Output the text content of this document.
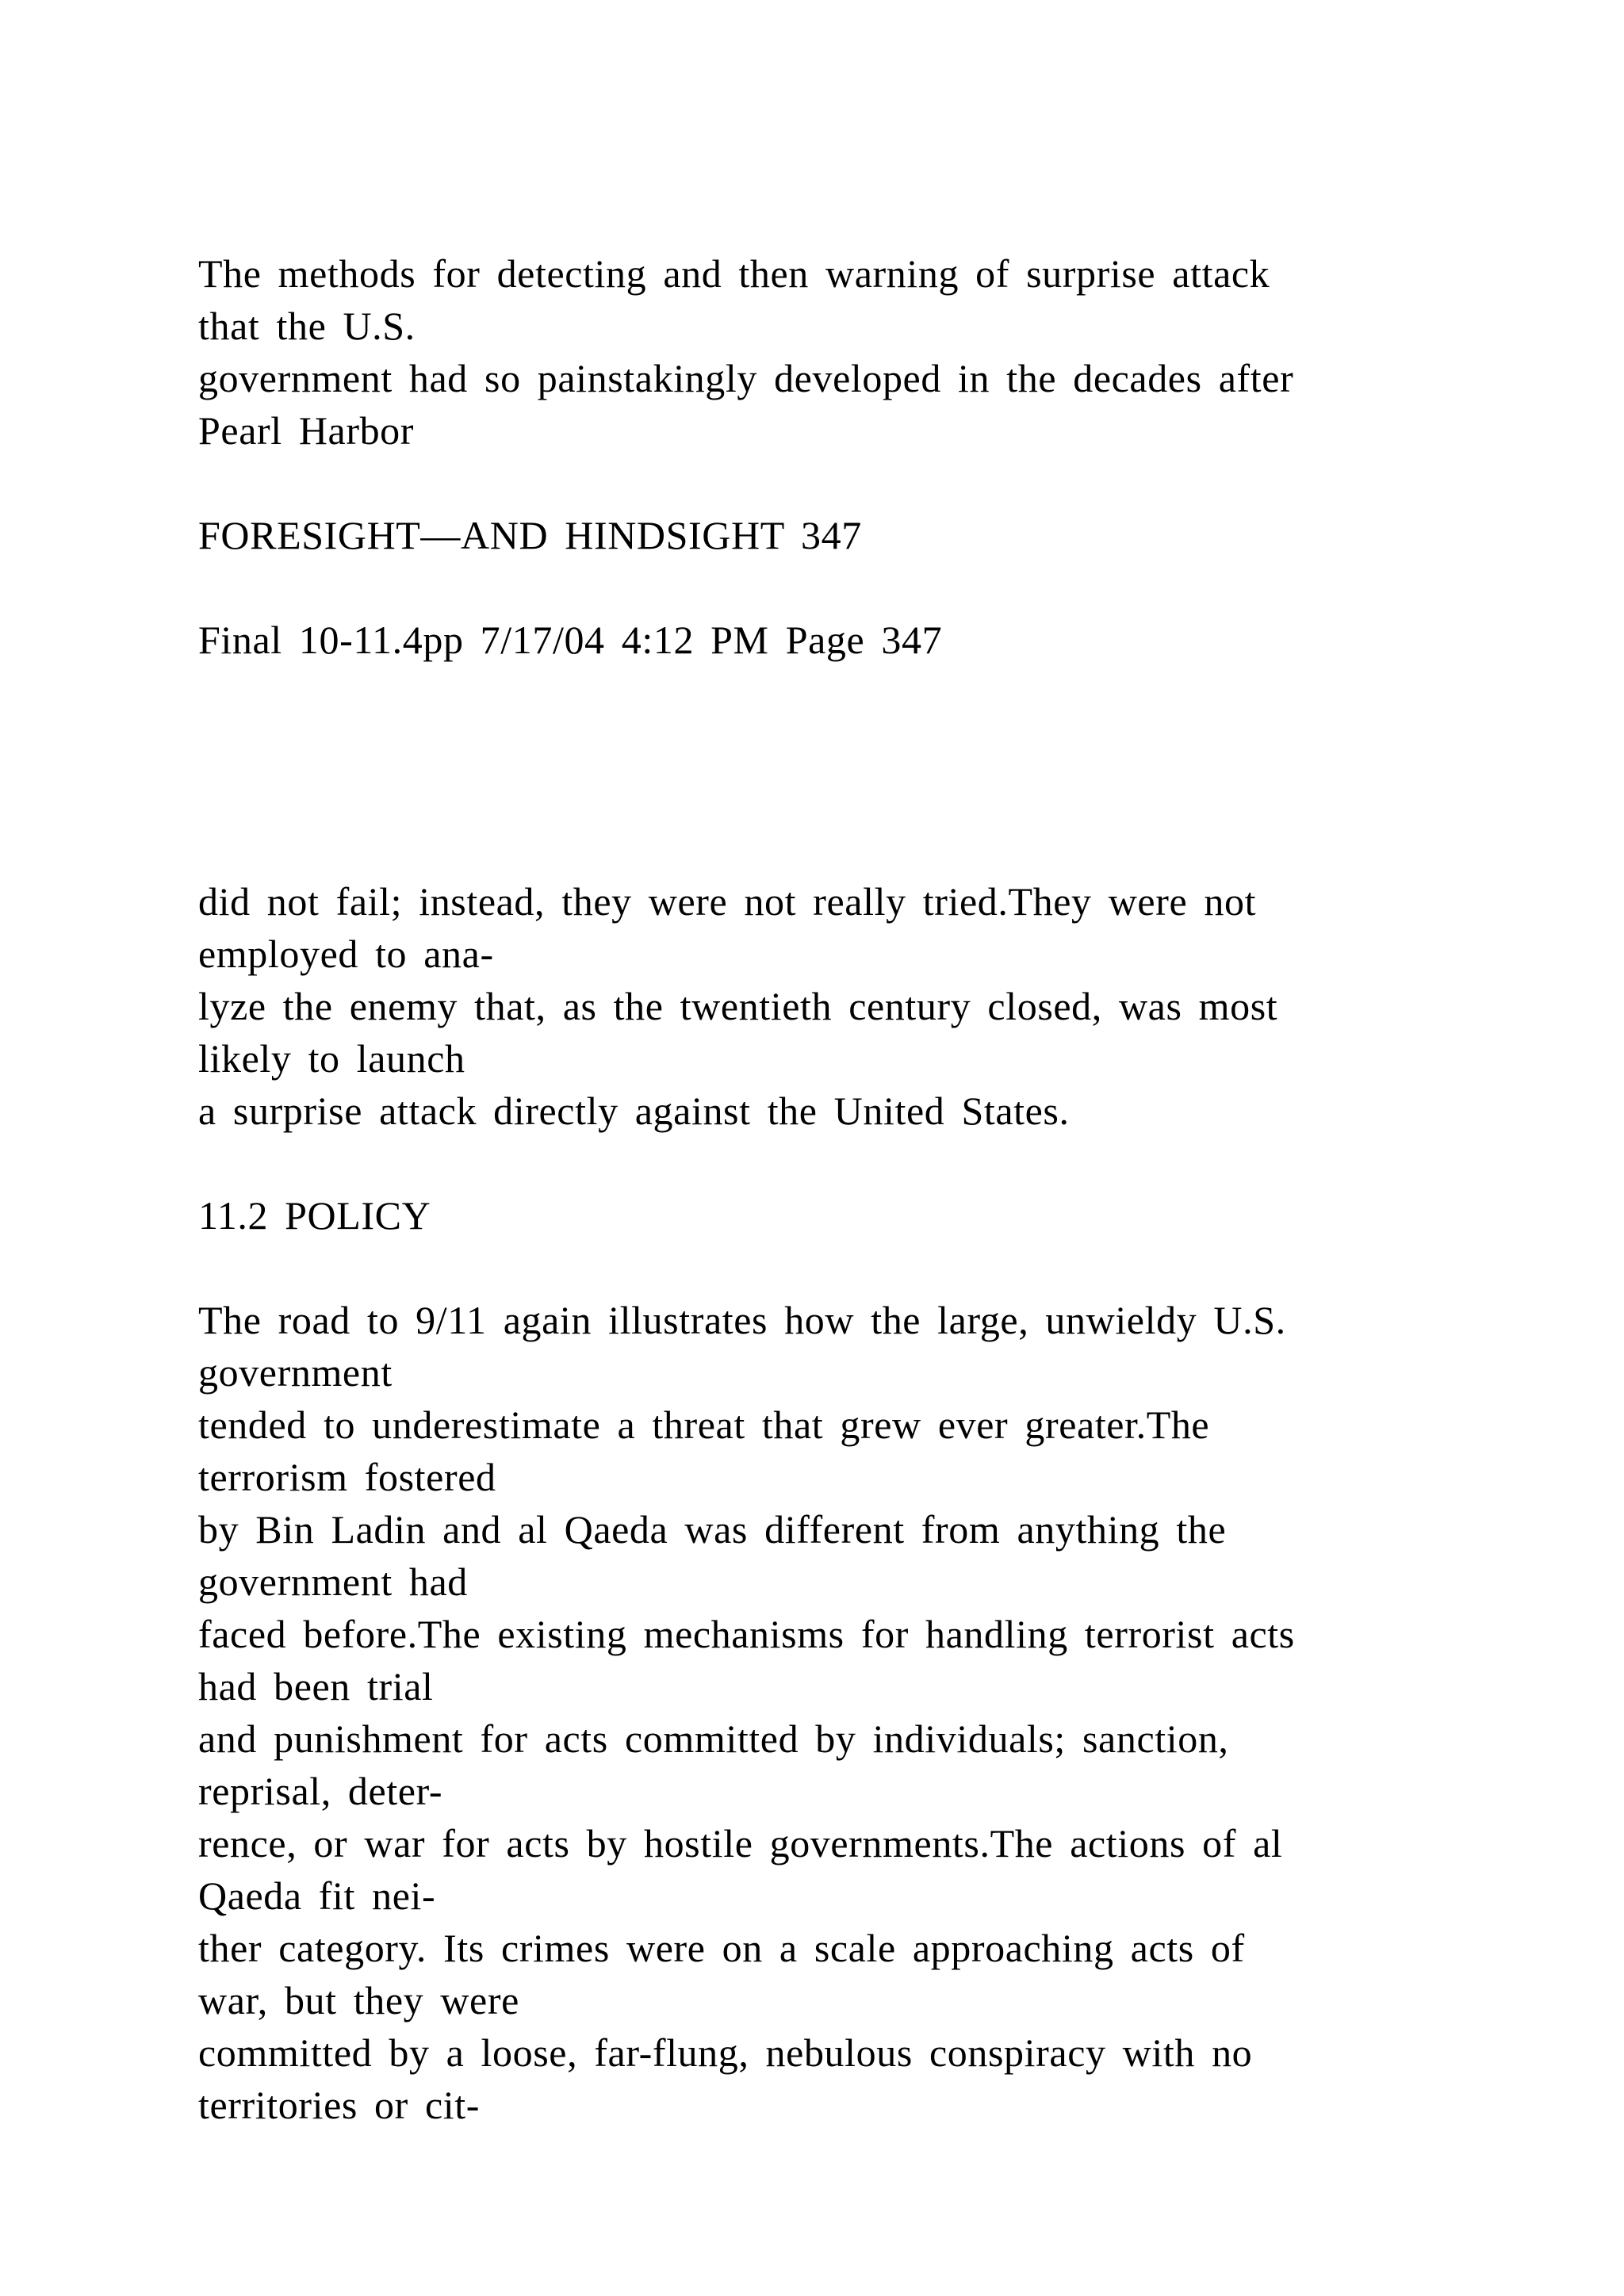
The methods for detecting and then warning of surprise attack
that the U.S.
government had so painstakingly developed in the decades after
Pearl Harbor
FORESIGHT—AND HINDSIGHT 347
Final 10-11.4pp 7/17/04 4:12 PM Page 347
did not fail; instead, they were not really tried.They were not
employed to ana-
lyze the enemy that, as the twentieth century closed, was most
likely to launch
a surprise attack directly against the United States.
11.2 POLICY
The road to 9/11 again illustrates how the large, unwieldy U.S.
government
tended to underestimate a threat that grew ever greater.The
terrorism fostered
by Bin Ladin and al Qaeda was different from anything the
government had
faced before.The existing mechanisms for handling terrorist acts
had been trial
and punishment for acts committed by individuals; sanction,
reprisal, deter-
rence, or war for acts by hostile governments.The actions of al
Qaeda fit nei-
ther category. Its crimes were on a scale approaching acts of
war, but they were
committed by a loose, far-flung, nebulous conspiracy with no
territories or cit-
